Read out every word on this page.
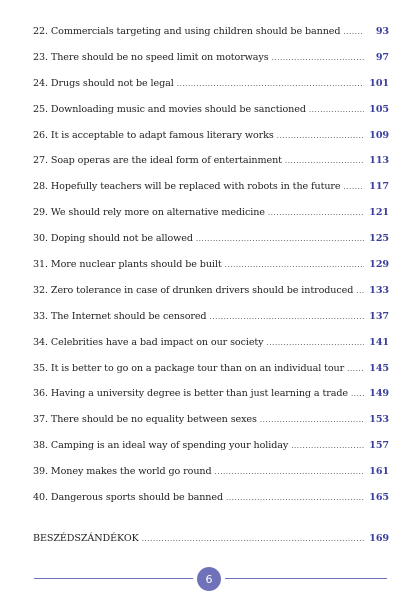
22. Commercials targeting and using children should be banned .....	93
23. There should be no speed limit on motorways .....	97
24. Drugs should not be legal .....	101
25. Downloading music and movies should be sanctioned .....	105
26. It is acceptable to adapt famous literary works .....	109
27. Soap operas are the ideal form of entertainment .....	113
28. Hopefully teachers will be replaced with robots in the future .....	117
29. We should rely more on alternative medicine .....	121
30. Doping should not be allowed .....	125
31. More nuclear plants should be built .....	129
32. Zero tolerance in case of drunken drivers should be introduced ..... 133
33. The Internet should be censored .....	137
34. Celebrities have a bad impact on our society .....	141
35. It is better to go on a package tour than on an individual tour .....	145
36. Having a university degree is better than just learning a trade ..... 149
37. There should be no equality between sexes .....	153
38. Camping is an ideal way of spending your holiday .....	157
39. Money makes the world go round .....	161
40. Dangerous sports should be banned .....	165
BESZÉDSZÁNDÉKOK .....	169
6
